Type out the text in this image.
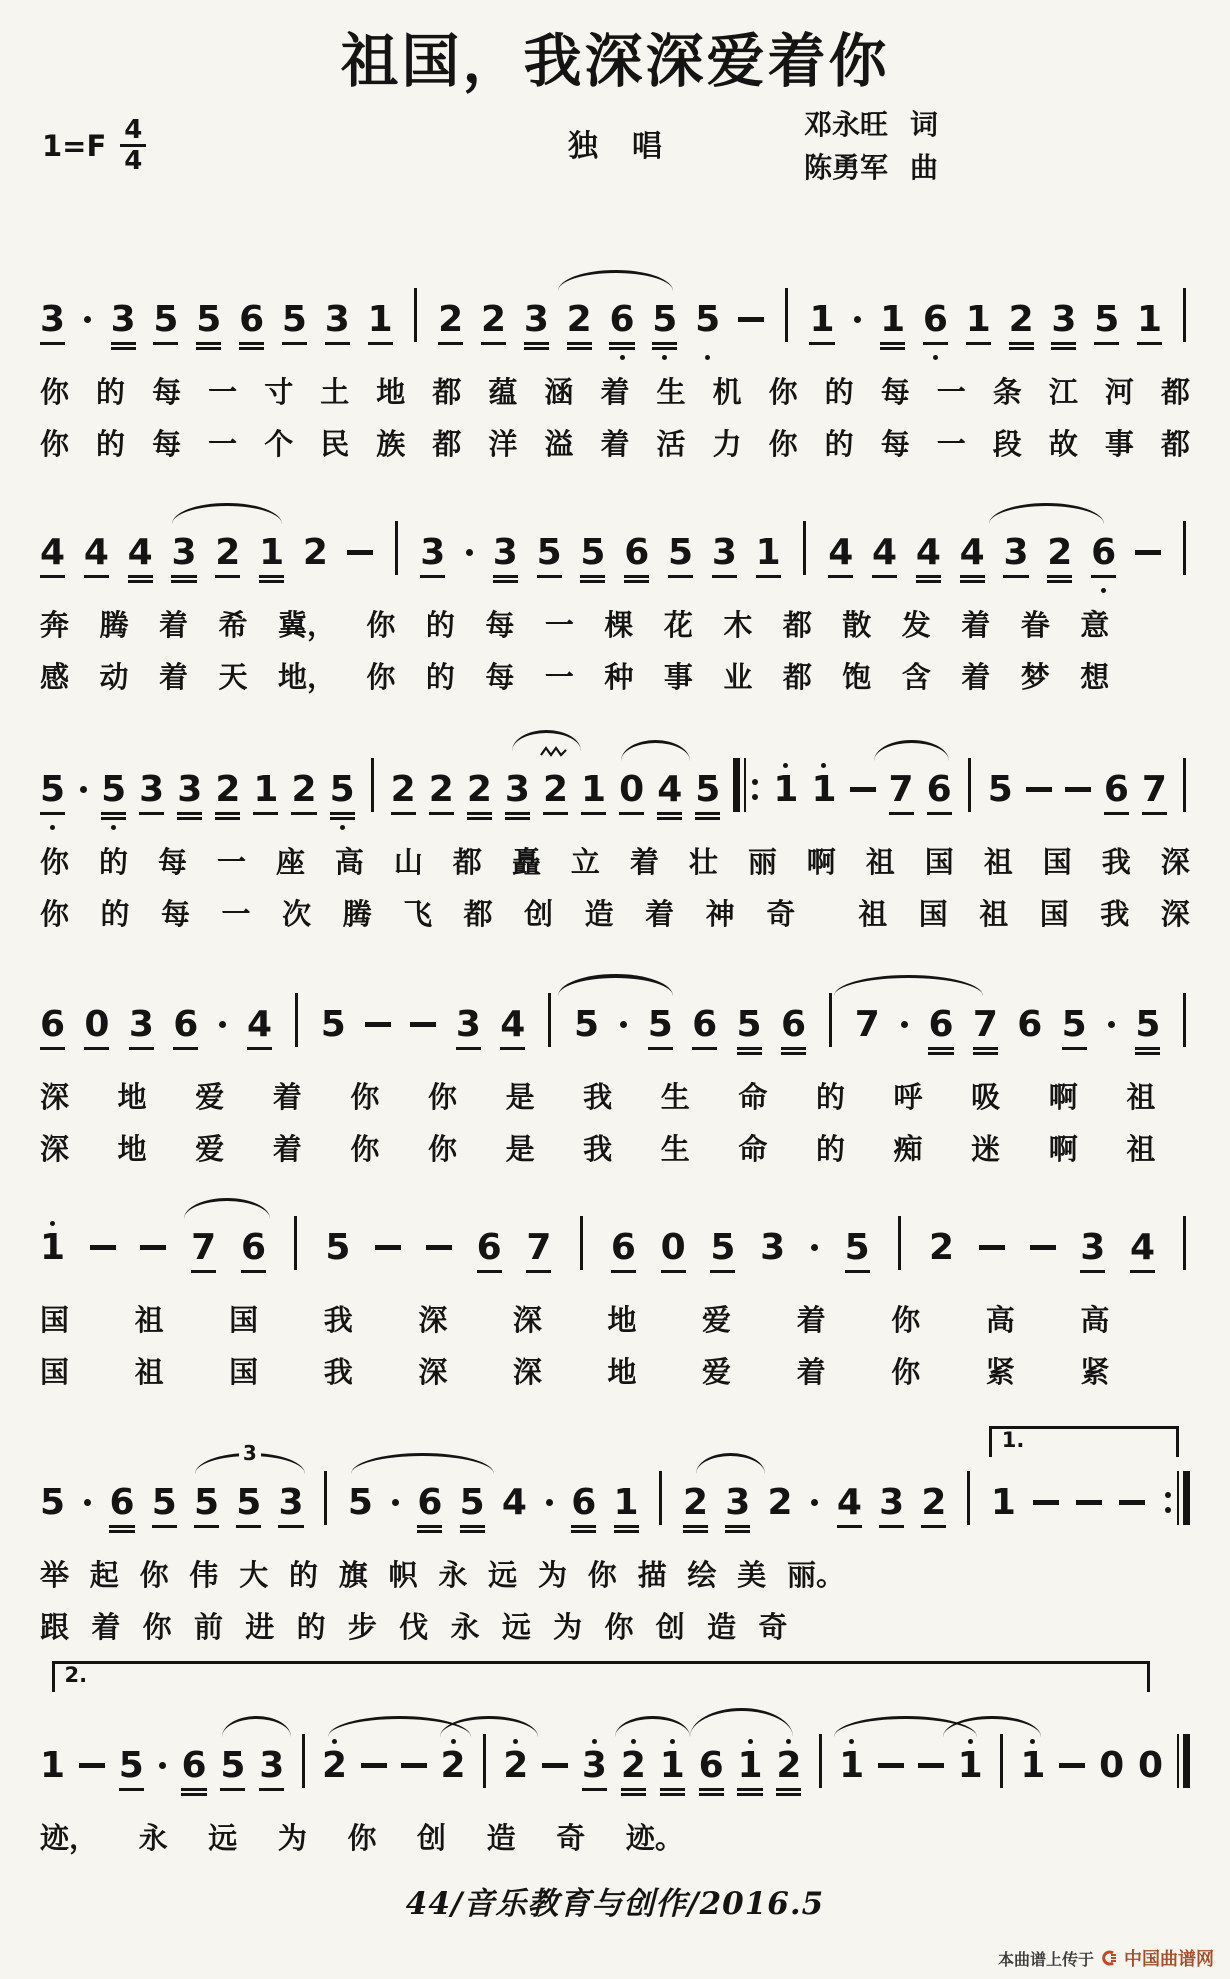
祖国，我深深爱着你
$1=F \frac{4}{4}$	独唱
邓永旺 词
陈勇军 曲
3 3 5 5 6 5 3 1 2 2 3 2 6 5 5 1 1 6 1 2 3 5 1
你 的 每 一 寸 土 地 都 蕴 涵 着 生 机 你 的 每 一 条 江 河 都
你 的 每 一 个 民 族 都 洋 溢 着 活 力 你 的 每 一 段 故 事 都
4 4 4 3 2 1 2	3 3 5 5 6 5 3 1 4 4 4 4 3 2 6
奔 腾 着 希 冀， 你 的 每 一 棵 花 木 都 散 发 着 眷 意
感 动 着 天 地， 你 的 每 一 种 事 业 都 饱 含 着 梦 想
5 5 3 3 2 1 2 5 2 2 2 3 2 1 0 4 5 1 1 7 6 5	6 7
你 的 每 一 座 高 山 都 矗 立 着 壮 丽 啊 祖 国 祖 国 我 深
你 的 每 一 次 腾 飞 都 创 造 着 神 奇 祖 国 祖 国 我 深
6 0 3 6 4 5	3 4 5 5 6 5 6 7 6 7 6 5 5
深 地 爱 着 你 你 是 我 生 命 的 呼 吸 啊 祖
深 地 爱 着 你 你 是 我 生 命 的 痴 迷 啊 祖
1	7 6 5	6 7 6 0 5 3 5 2	3 4
国 祖 国 我 深 深 地 爱 着 你 高 高
国 祖 国 我 深 深 地 爱 着 你 紧 紧
3
1.
5 6 5 5 5 3 5 6 5 4 6 1 2 3 2 4 3 2 1
举 起 你 伟 大 的 旗 帜 永 远 为 你 描 绘 美 丽。
跟 着 你 前 进 的 步 伐 永 远 为 你 创 造 奇
2.
1 5 6 5 3 2	2 2 3 2 1 6 1 2 1	1 1 0 0
迹， 永 远 为 你 创 造 奇 迹。
44/音乐教育与创作/2016.5
本曲谱上传于 中国曲谱网
